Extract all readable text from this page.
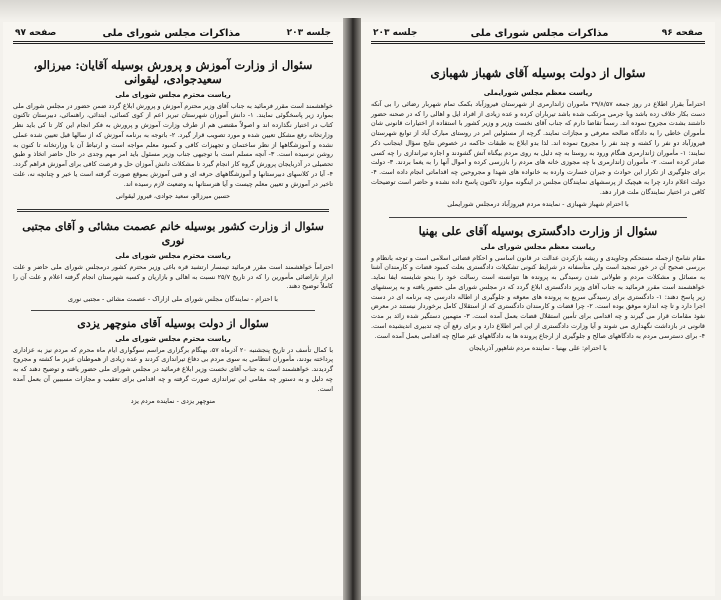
جلسه ۲۰۳
مذاکرات مجلس شورای ملی
صفحه ۹۷
سئوال از وزارت آموزش و پرورش بوسیله آقایان: میرزالو، سعیدجوادی، لیقوانی
ریاست محترم مجلس شورای ملی

خواهشمند است مقرر فرمائید به جناب آقای وزیر محترم آموزش و پرورش ابلاغ گردد ضمن حضور در مجلس شورای ملی بموارد زیر پاسخگوئی نمایند. ۱- دانش آموزان شهرستان تبریز اعم از کوی کسائی، ابتدائی، راهنمائی، دبیرستان تاکنون کتاب در اختیار نگذارده اند و اصولاً مقتضی هم از طرف وزارت آموزش و پرورش به فکر انجام این کار تا کی باید نظر وزارتخانه رفع مشکل تعیین شده و مورد تصویب قرار گیرد. ۲- باتوجه به برنامه آموزش که از سالها قبل تعیین شده عملی نشده و آموزشگاهها از نظر ساختمان و تجهیزات کافی و کمبود معلم مواجه است و ارتباط آن با وزارتخانه تا کنون به روشن نرسیده است. ۳- آنچه مسلم است با توجیهی جناب وزیر مسئول باید امر مهم وجدی در حال حاضر اتخاذ و طبق تحصیلی در آذربایجان پرورش گروه کار انجام گیرد تا مشکلات دانش آموزان حل و فرصت کافی برای آموزش فراهم گردد. ۴- آیا در کلاسهای دبیرستانها و آموزشگاههای حرفه ای و فنی آموزش بموقع صورت گرفته است یا خیر و چنانچه نه، علت تاخیر در آموزش و تعیین معلم چیست و آیا هنرستانها به وضعیت لازم رسیده اند.

حسین میرزالو، سعید جوادی، فیروز لیقوانی
سئوال از وزارت کشور بوسیله خانم عصمت مشائی و آقای مجتبی نوری
ریاست محترم مجلس شورای ملی

احتراماً خواهشمند است مقرر فرمائید تیمسار ارتشبد قره باغی وزیر محترم کشور درمجلس شورای ملی حاضر و علت ابراز ناراضائی مأمورین را که در تاریخ ۲۵/۷ نسبت به اهالی و بازاریان و کسبه شهرستان انجام گرفته اعلام و علت آن را کاملاً توضیح دهند.

با احترام - نمایندگان مجلس شورای ملی ازاراک - عصمت مشائی - مجتبی نوری
سئوال از دولت بوسیله آقای منوچهر یزدی
ریاست محترم مجلس شورای ملی

با کمال تأسف در تاریخ پنجشنبه ۲۰ آذرماه ۵۷، بهنگام برگزاری مراسم سوگواری ایام ماه محرم که مردم نیز به عزاداری پرداخته بودند، مأموران انتظامی به سوی مردم بی دفاع تیراندازی کردند و عده زیادی از هموطنان عزیز ما کشته و مجروح گردیدند. خواهشمند است به جناب آقای نخست وزیر ابلاغ فرمائید در مجلس شورای ملی حضور یافته و توضیح دهند که به چه دلیل و به دستور چه مقامی این تیراندازی صورت گرفته و چه اقدامی برای تعقیب و مجازات مسببین آن بعمل آمده است.

منوچهر یزدی - نماینده مردم یزد
صفحه ۹۶
مذاکرات مجلس شورای ملی
جلسه ۲۰۳
سئوال از دولت بوسیله آقای شهباز شهبازی
ریاست معظم مجلس شورایملی

احتراماً بقرار اطلاع در روز جمعه ۲۹/۸/۵۷ ماموران ژاندارمری از شهرستان فیروزآباد بکمک تمام شهربار رضائی را بی آنکه دست بکار خلاف زده باشد ویا جرمی مرتکب شده باشد تیرباران کرده و عده زیادی از افراد ایل و اهالی را که در صحنه حضور داشتند بشدت مجروح نموده اند. رسماً تقاضا دارم که جناب آقای نخست وزیر و وزیر کشور با استفاده از اختیارات قانونی شان مأموران خاطی را به دادگاه صالحه معرفی و مجازات نمایند. گرچه از مسئولین امر در روستای مبارک آباد از توابع شهرستان فیروزآباد دو نفر را کشته و چند نفر را مجروح نموده اند. لذا بدو ابلاغ به طبقات حاکمه در خصوص نتایج سؤال اینجانب ذکر نمایند: ۱- مأموران ژاندارمری هنگام ورود به روستا به چه دلیل به روی مردم بیگناه آتش گشودند و اجازه تیراندازی را چه کسی صادر کرده است. ۲- مأموران ژاندارمری با چه مجوزی خانه های مردم را بازرسی کرده و اموال آنها را به یغما بردند. ۳- دولت برای جلوگیری از تکرار این حوادث و جبران خسارت وارده به خانواده های شهدا و مجروحین چه اقداماتی انجام داده است. ۴- دولت اعلام دارد چرا به هیچیک از پرسشهای نمایندگان مجلس در اینگونه موارد تاکنون پاسخ داده نشده و حاضر است توضیحات کافی در اختیار نمایندگان ملت قرار دهد.

با احترام شهباز شهبازی - نماینده مردم فیروزآباد درمجلس شورایملی
سئوال از وزارت دادگستری بوسیله آقای علی بهنیا
ریاست معظم مجلس شورای ملی

مقام شامخ ازجمله مستحکم وجاویدی و ریشه بازکردن عدالت در قانون اساسی و احکام قضائی اسلامی است و توجه بانظام و بررسی صحیح آن در خور تمجید است ولی متأسفانه در شرایط کنونی تشکیلات دادگستری بعلت کمبود قضات و کارمندان آشنا به مسائل و مشکلات مردم و طولانی شدن رسیدگی به پرونده ها نتوانسته است رسالت خود را بنحو شایسته ایفا نماید. خواهشمند است مقرر فرمائید به جناب آقای وزیر دادگستری ابلاغ گردد که در مجلس شورای ملی حضور یافته و به پرسشهای زیر پاسخ دهند: ۱- دادگستری برای رسیدگی سریع به پرونده های معوقه و جلوگیری از اطاله دادرسی چه برنامه ای در دست اجرا دارد و تا چه اندازه موفق بوده است. ۲- چرا قضات و کارمندان دادگستری که از استقلال کامل برخوردار نیستند در معرض نفوذ مقامات قرار می گیرند و چه اقدامی برای تأمین استقلال قضات بعمل آمده است. ۳- متهمین دستگیر شده زائد بر مدت قانونی در بازداشت نگهداری می شوند و آیا وزارت دادگستری از این امر اطلاع دارد و برای رفع آن چه تدبیری اندیشیده است. ۴- برای دسترسی مردم به دادگاههای صالح و جلوگیری از ارجاع پرونده ها به دادگاههای غیر صالح چه اقدامی بعمل آمده است.

با احترام: علی بهنیا - نماینده مردم شاهپور آذربایجان
